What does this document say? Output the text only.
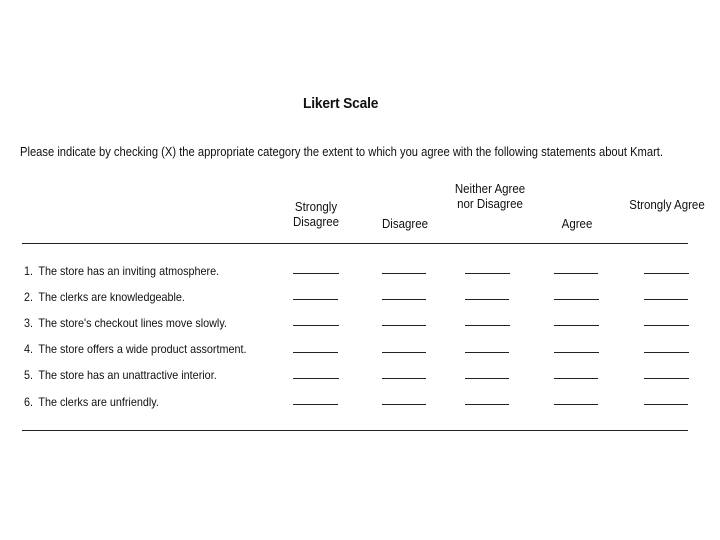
Likert Scale
Please indicate by checking (X) the appropriate category the extent to which you agree with the following statements about Kmart.
Strongly Disagree	Disagree
Neither Agree nor Disagree
Agree
Strongly Agree
1. The store has an inviting atmosphere.
2. The clerks are knowledgeable.
3. The store's checkout lines move slowly.
4. The store offers a wide product assortment.
5. The store has an unattractive interior.
6. The clerks are unfriendly.
